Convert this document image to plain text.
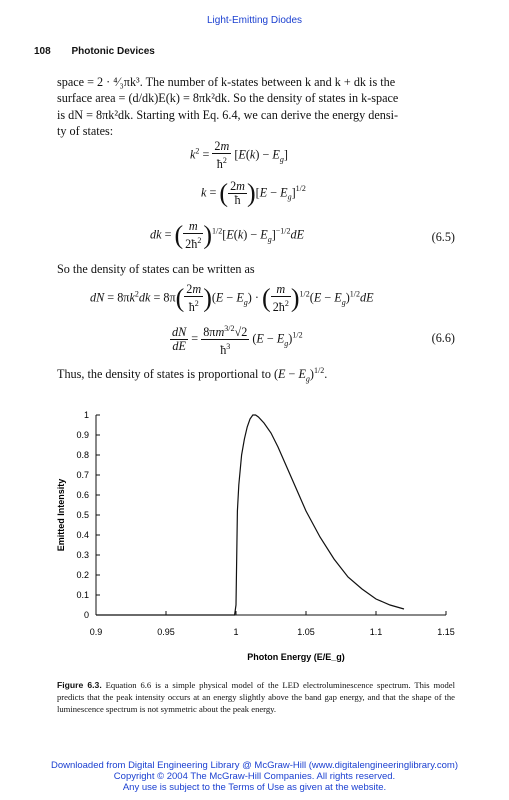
Light-Emitting Diodes
108 Photonic Devices
space = 2 · ⁴⁄₃πk³. The number of k-states between k and k + dk is the
surface area = (d/dk)E(k) = 8πk²dk. So the density of states in k-space
is dN = 8πk²dk. Starting with Eq. 6.4, we can derive the energy densi-
ty of states:
$k^2 = \frac{2m}{ħ^2} [E(k) - E_g]$
k = ( $\frac{2m}{ħ} )[E - E_g]^{1/2}$
dk = ( $\frac{m}{2ħ^2} )^{1/2}[E(k) - E_g]^{-1/2}dE$	(6.5)
So the density of states can be written as
dN = $8\pi k^2dk = 8\pi( \frac{2m}{ħ^2} )(E - E_g)$ · ( $\frac{m}{2ħ^2} )^{1/2}(E - E_g)^{1/2}dE$
$\frac{dN}{dE} = \frac{8\pi m^{3/2}√2}{ħ^3} (E - E_g)^{1/2}$	(6.6)
Thus, the density of states is proportional to $(E - E_g)^{1/2}$.
0
0.1
0.2
0.3
0.4
0.5
0.6
0.7
0.8
0.9
1
0.9	0.95	1	1.05	1.1	1.15
Photon Energy (E/E_g)
Emitted Intensity
Figure 6.3. Equation 6.6 is a simple physical model of the LED electroluminescence spectrum. This model predicts that the peak intensity occurs at an energy slightly above the band gap energy, and that the shape of the luminescence spectrum is not symmetric about the peak energy.
Downloaded from Digital Engineering Library @ McGraw-Hill (www.digitalengineeringlibrary.com)
Copyright © 2004 The McGraw-Hill Companies. All rights reserved.
Any use is subject to the Terms of Use as given at the website.
